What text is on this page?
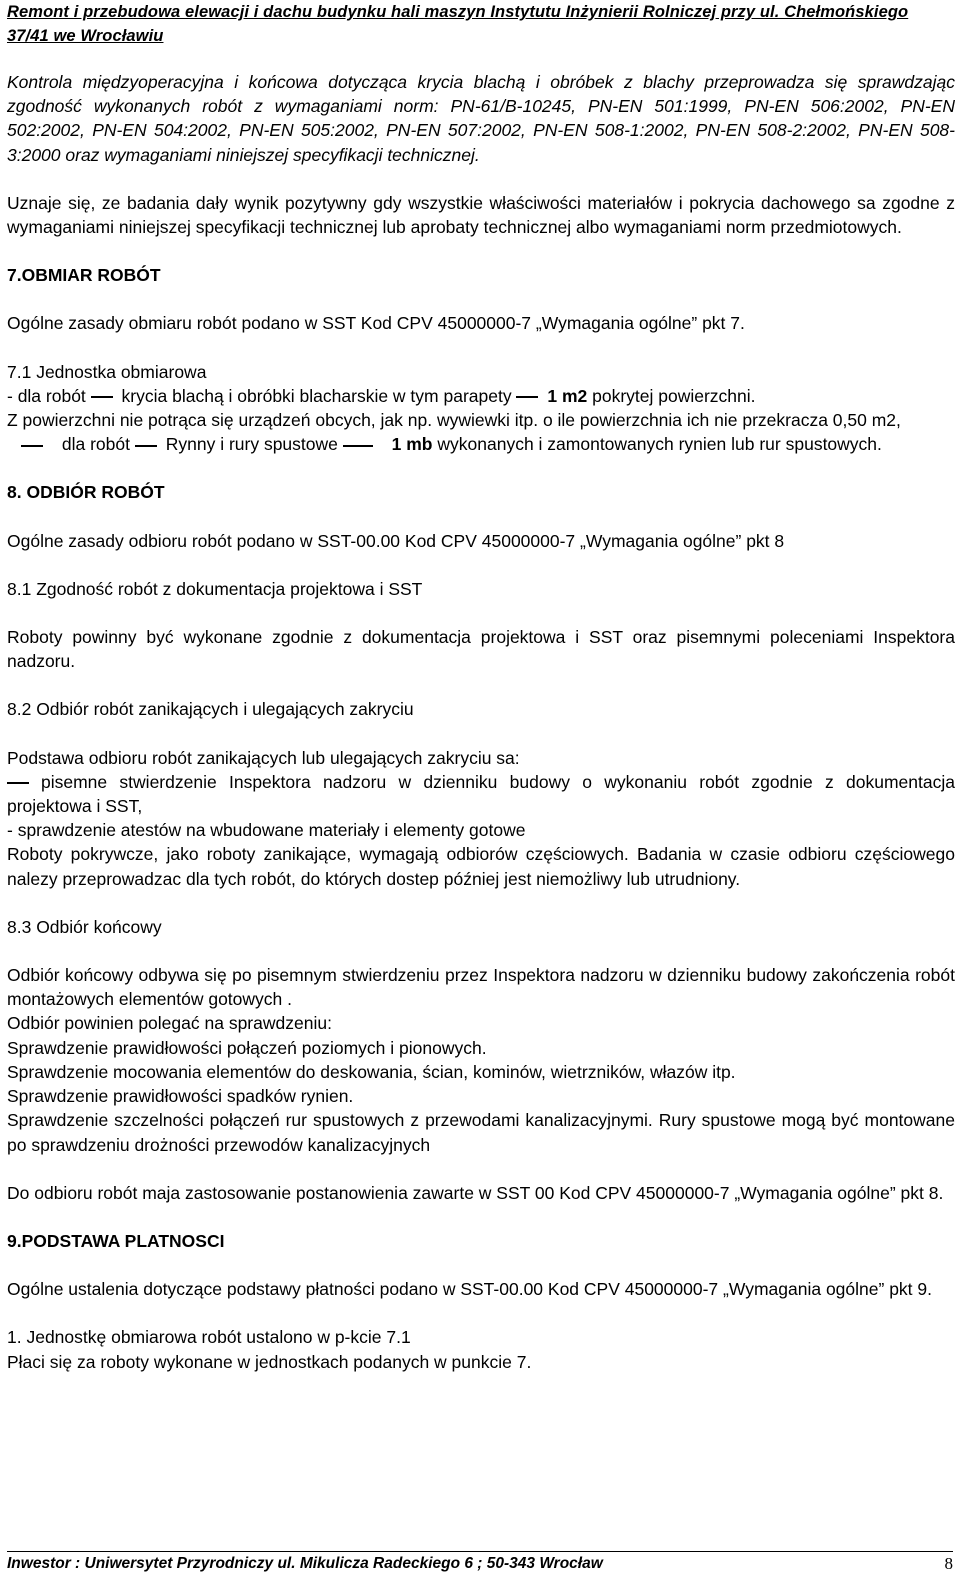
Remont i przebudowa elewacji i dachu budynku hali maszyn Instytutu Inżynierii Rolniczej przy ul. Chełmońskiego
37/41 we Wrocławiu

Kontrola międzyoperacyjna i końcowa dotycząca krycia blachą i obróbek z blachy przeprowadza się sprawdzając zgodność wykonanych robót z wymaganiami norm: PN-61/B-10245, PN-EN 501:1999, PN-EN 506:2002, PN-EN 502:2002, PN-EN 504:2002, PN-EN 505:2002, PN-EN 507:2002, PN-EN 508-1:2002, PN-EN 508-2:2002, PN-EN 508-3:2000 oraz wymaganiami niniejszej specyfikacji technicznej.

Uznaje się, ze badania dały wynik pozytywny gdy wszystkie właściwości materiałów i pokrycia dachowego sa zgodne z wymaganiami niniejszej specyfikacji technicznej lub aprobaty technicznej albo wymaganiami norm przedmiotowych.

7.OBMIAR ROBÓT

Ogólne zasady obmiaru robót podano w SST Kod CPV 45000000-7 „Wymagania ogólne” pkt 7.

7.1 Jednostka obmiarowa

- dla robót krycia blachą i obróbki blacharskie w tym parapety 1 m2 pokrytej powierzchni.

Z powierzchni nie potrąca się urządzeń obcych, jak np. wywiewki itp. o ile powierzchnia ich nie przekracza 0,50 m2,

dla robót Rynny i rury spustowe	1 mb wykonanych i zamontowanych rynien lub rur spustowych.

8. ODBIÓR ROBÓT

Ogólne zasady odbioru robót podano w SST-00.00 Kod CPV 45000000-7 „Wymagania ogólne” pkt 8

8.1 Zgodność robót z dokumentacja projektowa i SST

Roboty powinny być wykonane zgodnie z dokumentacja projektowa i SST oraz pisemnymi poleceniami Inspektora nadzoru.

8.2 Odbiór robót zanikających i ulegających zakryciu

Podstawa odbioru robót zanikających lub ulegających zakryciu sa:

pisemne stwierdzenie Inspektora nadzoru w dzienniku budowy o wykonaniu robót zgodnie z dokumentacja projektowa i SST,

- sprawdzenie atestów na wbudowane materiały i elementy gotowe

Roboty pokrywcze, jako roboty zanikające, wymagają odbiorów częściowych. Badania w czasie odbioru częściowego nalezy przeprowadzac dla tych robót, do których dostep później jest niemożliwy lub utrudniony.

8.3 Odbiór końcowy

Odbiór końcowy odbywa się po pisemnym stwierdzeniu przez Inspektora nadzoru w dzienniku budowy zakończenia robót montażowych elementów gotowych .

Odbiór powinien polegać na sprawdzeniu:

Sprawdzenie prawidłowości połączeń poziomych i pionowych.

Sprawdzenie mocowania elementów do deskowania, ścian, kominów, wietrzników, włazów itp.

Sprawdzenie prawidłowości spadków rynien.

Sprawdzenie szczelności połączeń rur spustowych z przewodami kanalizacyjnymi. Rury spustowe mogą być montowane po sprawdzeniu drożności przewodów kanalizacyjnych

Do odbioru robót maja zastosowanie postanowienia zawarte w SST 00 Kod CPV 45000000-7 „Wymagania ogólne” pkt 8.

9.PODSTAWA PLATNOSCI

Ogólne ustalenia dotyczące podstawy płatności podano w SST-00.00 Kod CPV 45000000-7 „Wymagania ogólne” pkt 9.

1. Jednostkę obmiarowa robót ustalono w p-kcie 7.1

Płaci się za roboty wykonane w jednostkach podanych w punkcie 7.

Inwestor : Uniwersytet Przyrodniczy ul. Mikulicza Radeckiego 6 ; 50-343 Wrocław	8
